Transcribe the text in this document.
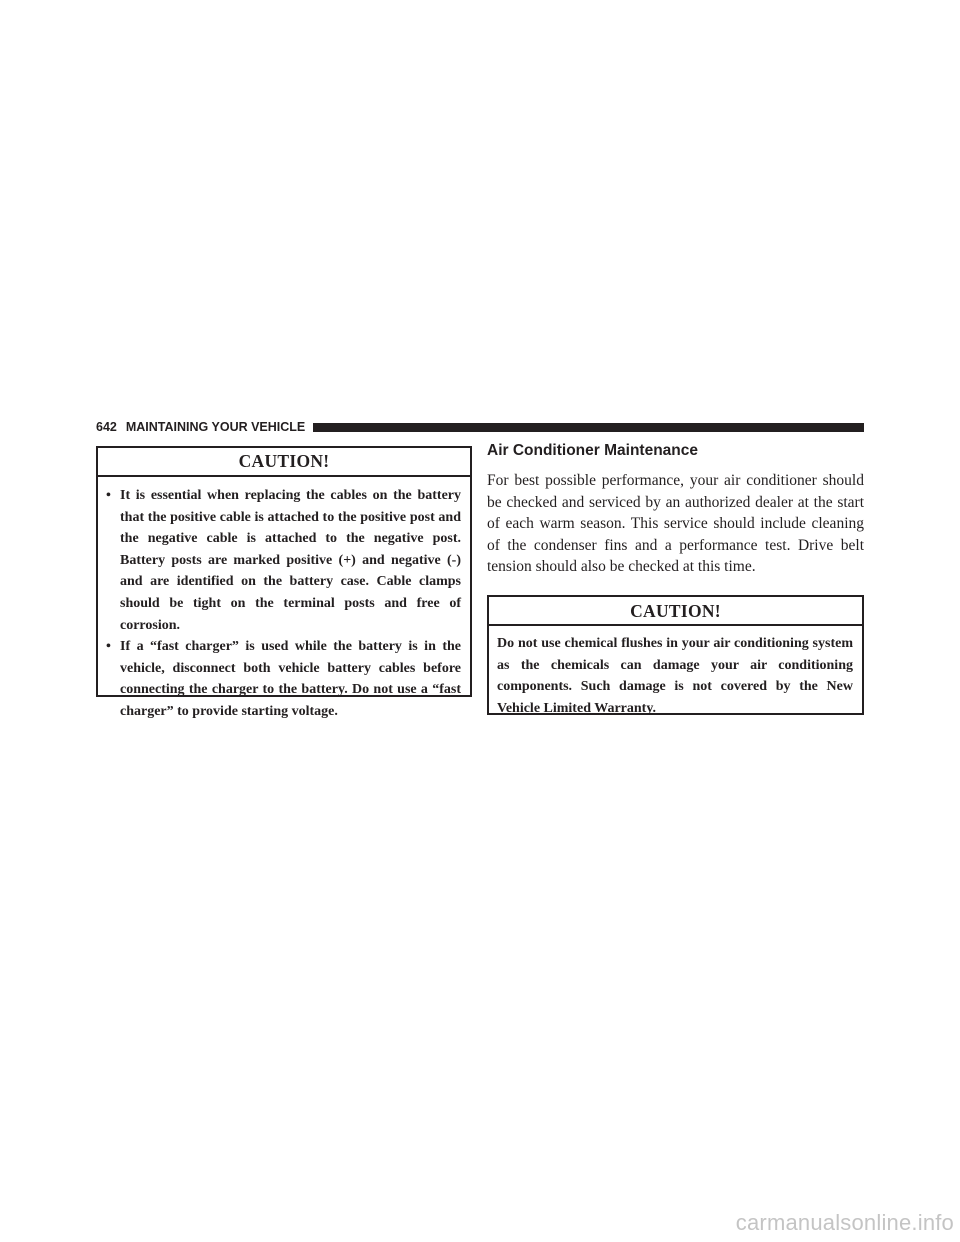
642 MAINTAINING YOUR VEHICLE
CAUTION!
• It is essential when replacing the cables on the battery that the positive cable is attached to the positive post and the negative cable is attached to the negative post. Battery posts are marked positive (+) and negative (-) and are identified on the battery case. Cable clamps should be tight on the terminal posts and free of corrosion.
• If a “fast charger” is used while the battery is in the vehicle, disconnect both vehicle battery cables before connecting the charger to the battery. Do not use a “fast charger” to provide starting voltage.
Air Conditioner Maintenance

For best possible performance, your air conditioner should be checked and serviced by an authorized dealer at the start of each warm season. This service should include cleaning of the condenser fins and a performance test. Drive belt tension should also be checked at this time.

CAUTION!

Do not use chemical flushes in your air conditioning system as the chemicals can damage your air conditioning components. Such damage is not covered by the New Vehicle Limited Warranty.

carmanualsonline.info
